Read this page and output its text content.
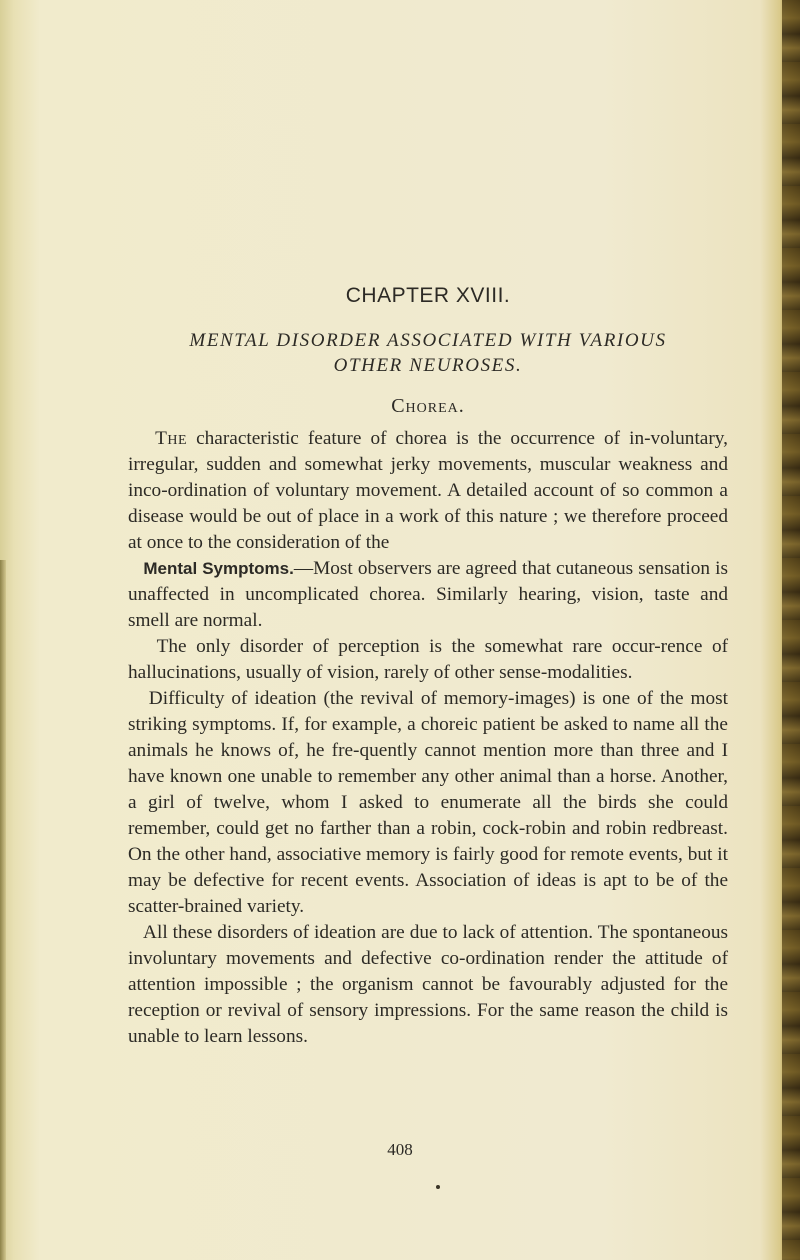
CHAPTER XVIII.
MENTAL DISORDER ASSOCIATED WITH VARIOUS
OTHER NEUROSES.
Chorea.

The characteristic feature of chorea is the occurrence of in-voluntary, irregular, sudden and somewhat jerky movements, muscular weakness and inco-ordination of voluntary movement. A detailed account of so common a disease would be out of place in a work of this nature ; we therefore proceed at once to the consideration of the

Mental Symptoms.—Most observers are agreed that cutaneous sensation is unaffected in uncomplicated chorea. Similarly hearing, vision, taste and smell are normal.

The only disorder of perception is the somewhat rare occur-rence of hallucinations, usually of vision, rarely of other sense-modalities.

Difficulty of ideation (the revival of memory-images) is one of the most striking symptoms. If, for example, a choreic patient be asked to name all the animals he knows of, he fre-quently cannot mention more than three and I have known one unable to remember any other animal than a horse. Another, a girl of twelve, whom I asked to enumerate all the birds she could remember, could get no farther than a robin, cock-robin and robin redbreast. On the other hand, associative memory is fairly good for remote events, but it may be defective for recent events. Association of ideas is apt to be of the scatter-brained variety.

All these disorders of ideation are due to lack of attention. The spontaneous involuntary movements and defective co-ordination render the attitude of attention impossible ; the organism cannot be favourably adjusted for the reception or revival of sensory impressions. For the same reason the child is unable to learn lessons.

408
